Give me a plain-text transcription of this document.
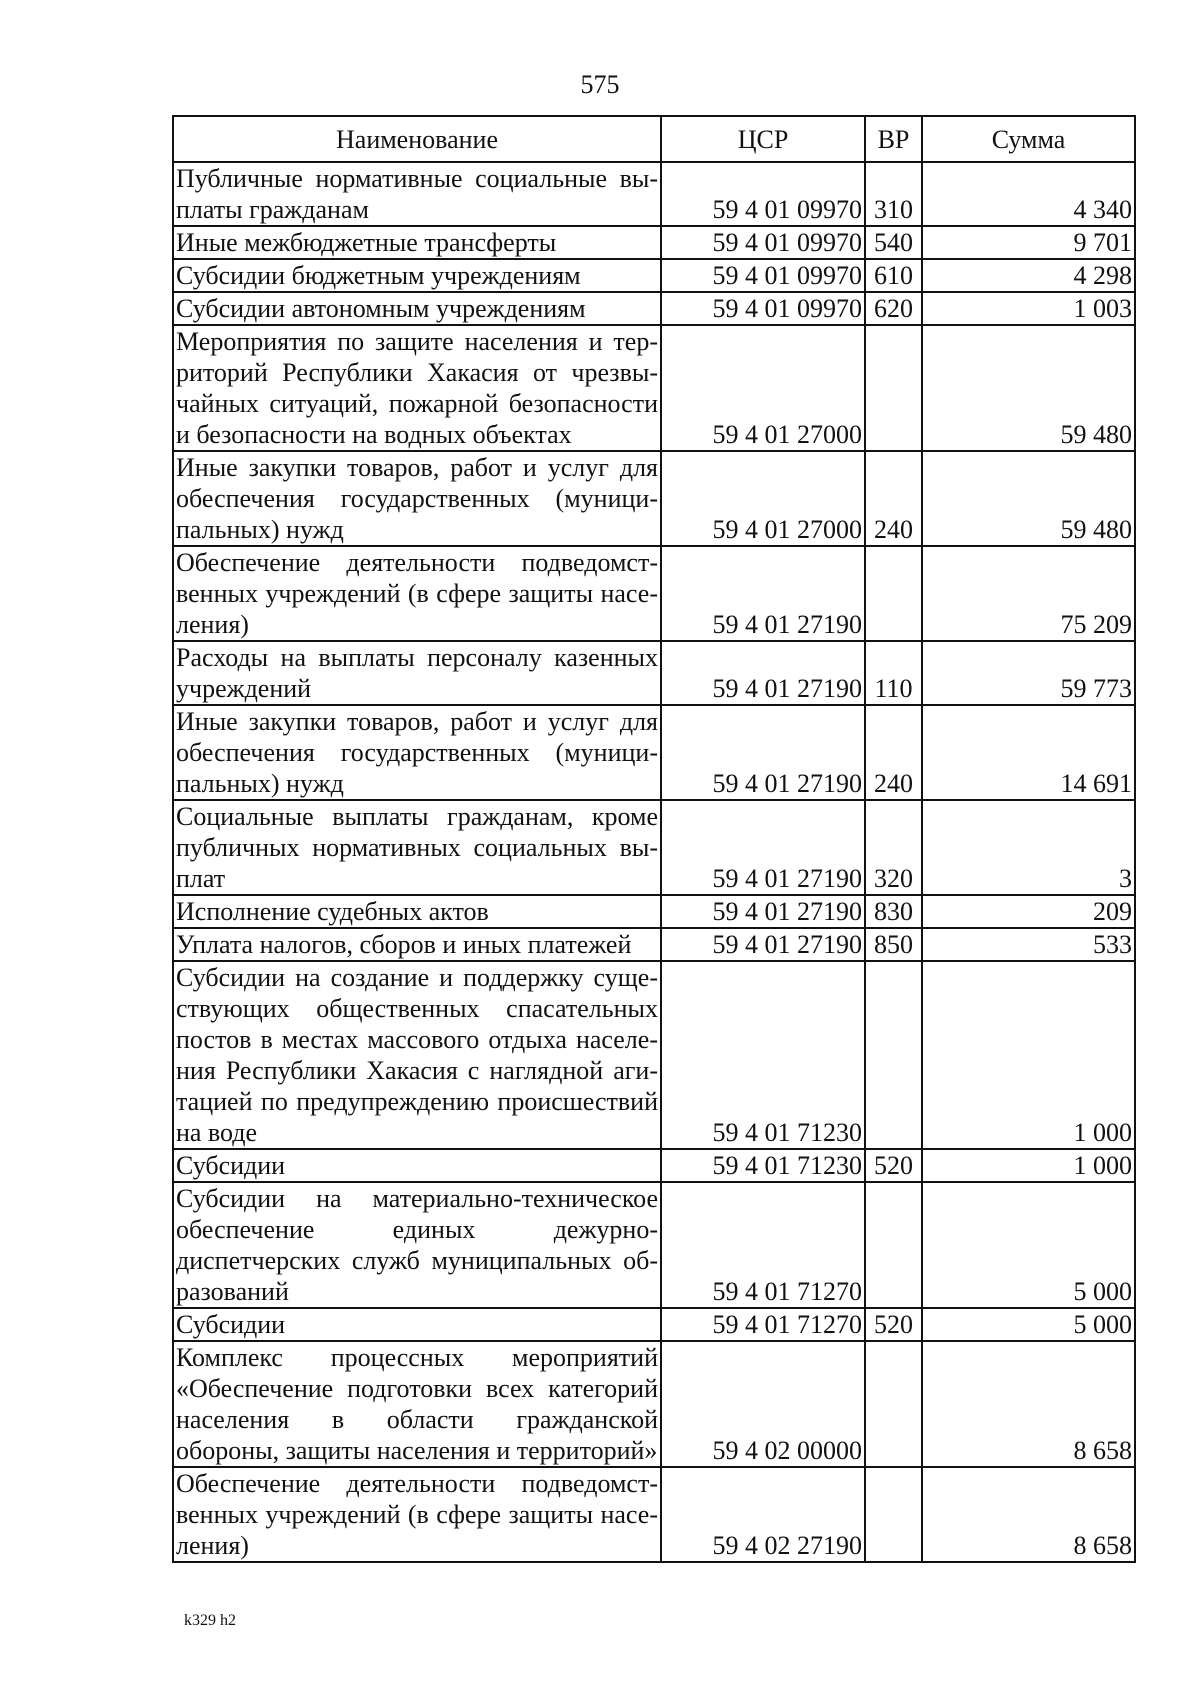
575
Наименование	ЦСР	ВР	Сумма
Публичные нормативные социальные выплаты гражданам	59 4 01 09970	310	4 340
Иные межбюджетные трансферты	59 4 01 09970	540	9 701
Субсидии бюджетным учреждениям	59 4 01 09970	610	4 298
Субсидии автономным учреждениям	59 4 01 09970	620	1 003
Мероприятия по защите населения и территорий Республики Хакасия от чрезвычайных ситуаций, пожарной безопасности и безопасности на водных объектах	59 4 01 27000		59 480
Иные закупки товаров, работ и услуг для обеспечения государственных (муниципальных) нужд	59 4 01 27000	240	59 480
Обеспечение деятельности подведомственных учреждений (в сфере защиты населения)	59 4 01 27190		75 209
Расходы на выплаты персоналу казенных учреждений	59 4 01 27190	110	59 773
Иные закупки товаров, работ и услуг для обеспечения государственных (муниципальных) нужд	59 4 01 27190	240	14 691
Социальные выплаты гражданам, кроме публичных нормативных социальных выплат	59 4 01 27190	320	3
Исполнение судебных актов	59 4 01 27190	830	209
Уплата налогов, сборов и иных платежей	59 4 01 27190	850	533
Субсидии на создание и поддержку существующих общественных спасательных постов в местах массового отдыха населения Республики Хакасия с наглядной агитацией по предупреждению происшествий на воде	59 4 01 71230		1 000
Субсидии	59 4 01 71230	520	1 000
Субсидии на материально-техническое обеспечение единых дежурно-диспетчерских служб муниципальных образований	59 4 01 71270		5 000
Субсидии	59 4 01 71270	520	5 000
Комплекс процессных мероприятий «Обеспечение подготовки всех категорий населения в области гражданской обороны, защиты населения и территорий»	59 4 02 00000		8 658
Обеспечение деятельности подведомственных учреждений (в сфере защиты населения)	59 4 02 27190		8 658
k329 h2
